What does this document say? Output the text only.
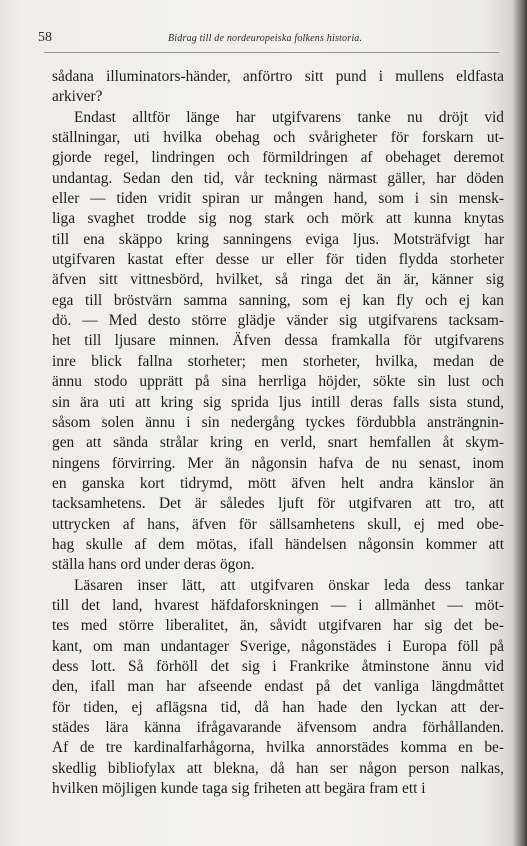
58	Bidrag till de nordeuropeiska folkens historia.
sådana illuminators-händer, anförtro sitt pund i mullens eldfasta
arkiver?
Endast alltför länge har utgifvarens tanke nu dröjt vid
ställningar, uti hvilka obehag och svårigheter för forskarn ut-
gjorde regel, lindringen och förmildringen af obehaget deremot
undantag. Sedan den tid, vår teckning närmast gäller, har döden
eller — tiden vridit spiran ur mången hand, som i sin mensk-
liga svaghet trodde sig nog stark och mörk att kunna knytas
till ena skäppo kring sanningens eviga ljus. Motsträfvigt har
utgifvaren kastat efter desse ur eller för tiden flydda storheter
äfven sitt vittnesbörd, hvilket, så ringa det än är, känner sig
ega till bröstvärn samma sanning, som ej kan fly och ej kan
dö. — Med desto större glädje vänder sig utgifvarens tacksam-
het till ljusare minnen. Äfven dessa framkalla för utgifvarens
inre blick fallna storheter; men storheter, hvilka, medan de
ännu stodo upprätt på sina herrliga höjder, sökte sin lust och
sin ära uti att kring sig sprida ljus intill deras falls sista stund,
såsom solen ännu i sin nedergång tyckes fördubbla ansträngnin-
gen att sända strålar kring en verld, snart hemfallen åt skym-
ningens förvirring. Mer än någonsin hafva de nu senast, inom
en ganska kort tidrymd, mött äfven helt andra känslor än
tacksamhetens. Det är således ljuft för utgifvaren att tro, att
uttrycken af hans, äfven för sällsamhetens skull, ej med obe-
hag skulle af dem mötas, ifall händelsen någonsin kommer att
ställa hans ord under deras ögon.
Läsaren inser lätt, att utgifvaren önskar leda dess tankar
till det land, hvarest häfdaforskningen — i allmänhet — möt-
tes med större liberalitet, än, såvidt utgifvaren har sig det be-
kant, om man undantager Sverige, någonstädes i Europa föll på
dess lott. Så förhöll det sig i Frankrike åtminstone ännu vid
den, ifall man har afseende endast på det vanliga längdmåttet
för tiden, ej aflägsna tid, då han hade den lyckan att der-
städes lära känna ifrågavarande äfvensom andra förhållanden.
Af de tre kardinalfarhågorna, hvilka annorstädes komma en be-
skedlig bibliofylax att blekna, då han ser någon person nalkas,
hvilken möjligen kunde taga sig friheten att begära fram ett i
